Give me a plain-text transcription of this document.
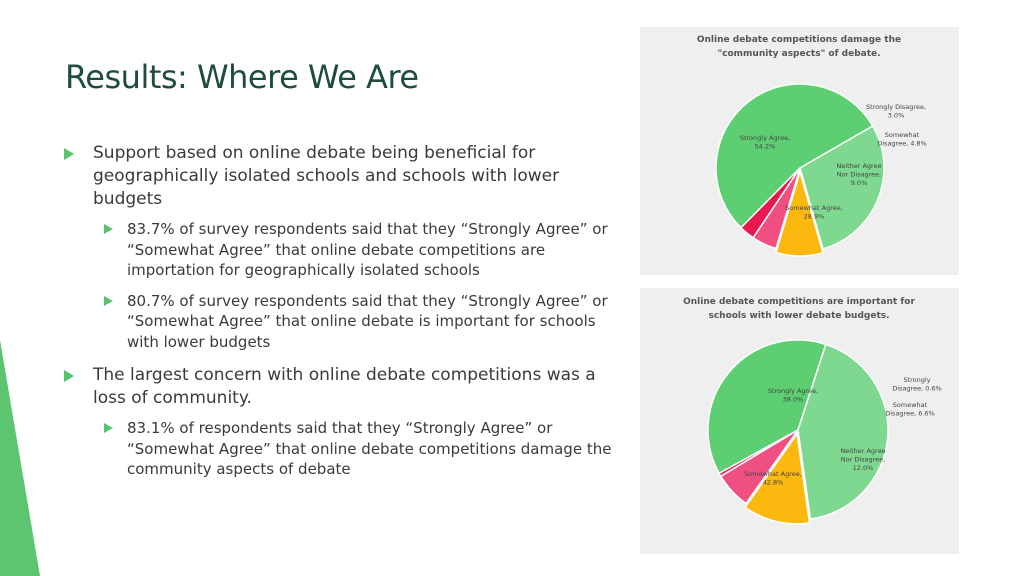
Results: Where We Are
Support based on online debate being beneficial for geographically isolated schools and schools with lower budgets
83.7% of survey respondents said that they “Strongly Agree” or “Somewhat Agree” that online debate competitions are importation for geographically isolated schools
80.7% of survey respondents said that they “Strongly Agree” or “Somewhat Agree” that online debate is important for schools with lower budgets
The largest concern with online debate competitions was a loss of community.
83.1% of respondents said that they “Strongly Agree” or “Somewhat Agree” that online debate competitions damage the community aspects of debate
Online debate competitions damage the
"community aspects" of debate.
Strongly Agree,
54.2%
Strongly Disagree,
3.0%
Somewhat
Disagree, 4.8%
Neither Agree
Nor Disagree,
9.0%
Somewhat Agree,
28.9%
Online debate competitions are important for
schools with lower debate budgets.
Strongly Agree,
38.0%
Strongly
Disagree, 0.6%
Somewhat
Disagree, 6.6%
Neither Agree
Nor Disagree,
12.0%
Somewhat Agree,
42.8%
